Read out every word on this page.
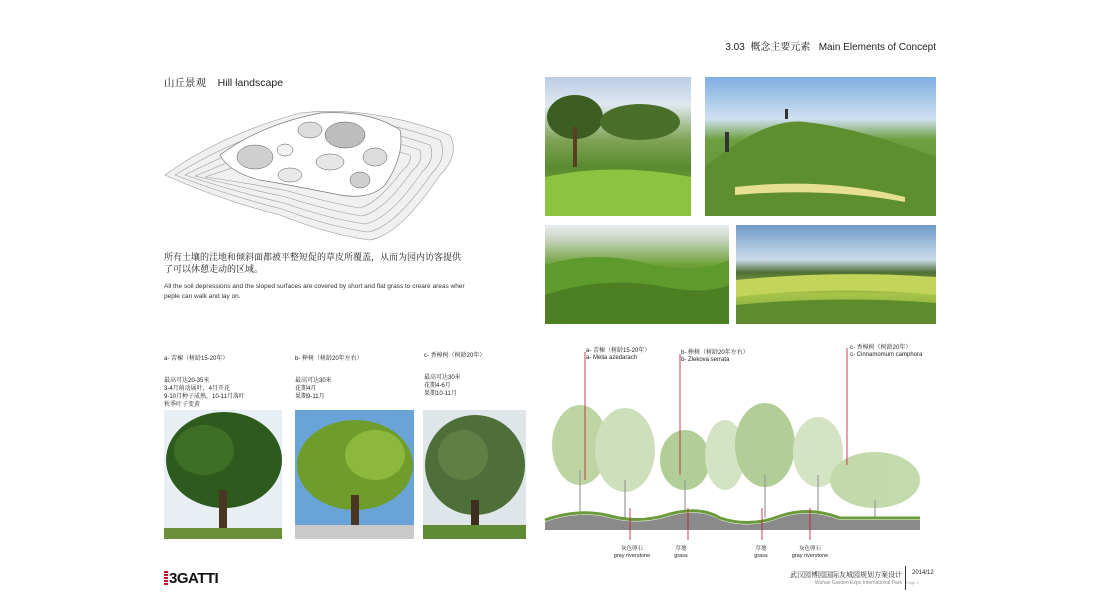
3.03 概念主要元素 Main Elements of Concept
山丘景观 Hill landscape
所有土壤的洼地和倾斜面都被平整短促的草皮所覆盖，从而为园内访客提供了可以休憩走动的区域。
All the soil depressions and the sloped surfaces are covered by short and flat grass to creare areas wher peple can walk and lay on.
a- 苦楝（树龄15-20年）
最高可达20-35米
3-4月萌动展叶，4月开花
9-10月种子成熟，10-11月落叶
秋季叶子变黄
b- 榉树（树龄20年左右）
最高可达30米
花期4月
果期9-11月
c- 香樟树（树龄20年）
最高可达30米
花期4-6月
果期10-11月
a- 苦楝（树龄15-20年）
a- Melia azedarach
b- 榉树（树龄20年左右）
b- Zlekova serrata
c- 香樟树（树龄20年）
c- Cinnamomum camphora
灰色卵石
gray riverstone
草地
grass
草地
grass
灰色卵石
gray riverstone
3GATTI	武汉园博园国际友城园规划方案设计
Wuhan Garden Expo International Park
2014/12
Page 4
